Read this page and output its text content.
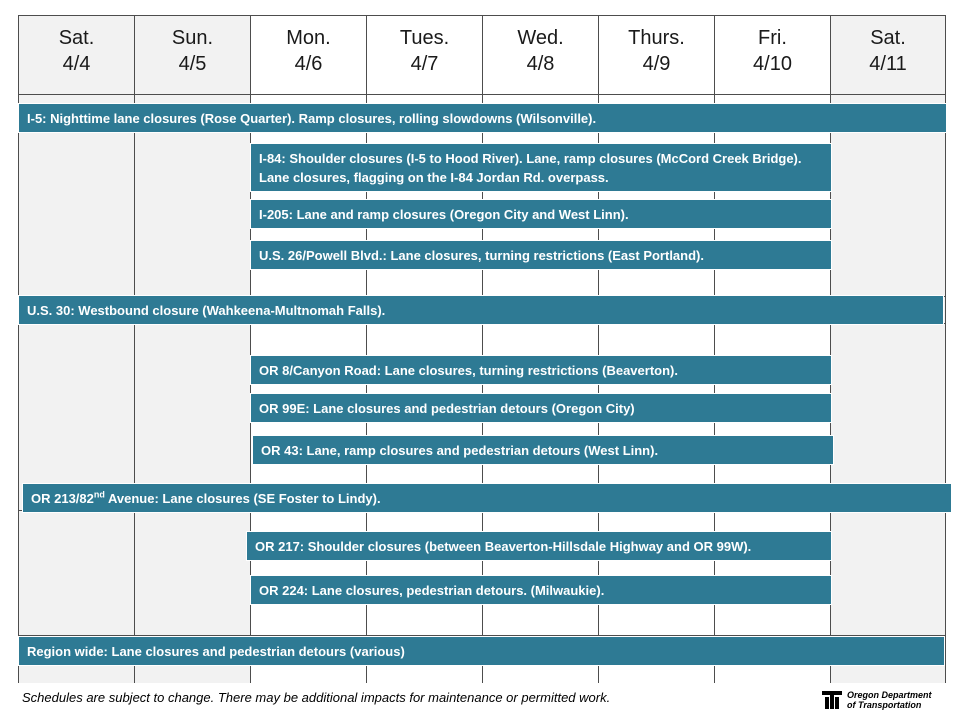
Sat.
4/4
Sun.
4/5
Mon.
4/6
Tues.
4/7
Wed.
4/8
Thurs.
4/9
Fri.
4/10
Sat.
4/11
I-5: Nighttime lane closures (Rose Quarter). Ramp closures, rolling slowdowns (Wilsonville).
I-84: Shoulder closures (I-5 to Hood River). Lane, ramp closures (McCord Creek Bridge). Lane closures, flagging on the I-84 Jordan Rd. overpass.
I-205: Lane and ramp closures (Oregon City and West Linn).
U.S. 26/Powell Blvd.: Lane closures, turning restrictions (East Portland).
U.S. 30: Westbound closure (Wahkeena-Multnomah Falls).
OR 8/Canyon Road: Lane closures, turning restrictions (Beaverton).
OR 99E: Lane closures and pedestrian detours (Oregon City)
OR 43: Lane, ramp closures and pedestrian detours (West Linn).
OR 213/82nd Avenue: Lane closures (SE Foster to Lindy).
OR 217: Shoulder closures (between Beaverton-Hillsdale Highway and OR 99W).
OR 224: Lane closures, pedestrian detours. (Milwaukie).
Region wide: Lane closures and pedestrian detours (various)
Schedules are subject to change. There may be additional impacts for maintenance or permitted work.	Oregon Department
of Transportation
